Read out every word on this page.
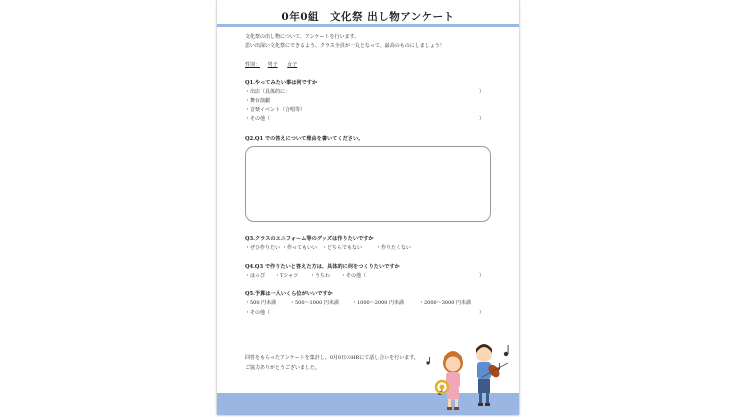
0年0組　文化祭 出し物アンケート
文化祭の出し物について、アンケートを行います。
思い出深い文化祭にできるよう、クラス全員が一丸となって、最高のものにしましょう！
性別： 男子 女子
Q1.やってみたい事は何ですか
・出店（具体的に：	）
・舞台演劇
・音楽イベント（合唱等）
・その他（	）
Q2.Q1 での答えについて理由を書いてください。
Q3.クラスのユニフォーム等のグッズは作りたいですか
・ぜひ作りたい ・作ってもいい ・どちらでもない	・作りたくない
Q4.Q3 で作りたいと答えた方は、具体的に何をつくりたいですか
・はっぴ ・Tシャツ ・うちわ ・その他（	）
Q5.予算は一人いくら位がいいですか
・500 円未満	・500～1000 円未満	・1000～2000 円未満	・2000～3000 円未満
・その他（	）
回答をもらったアンケートを集計し、0月0日のHRにて話し合いを行います。
ご協力ありがとうございました。
